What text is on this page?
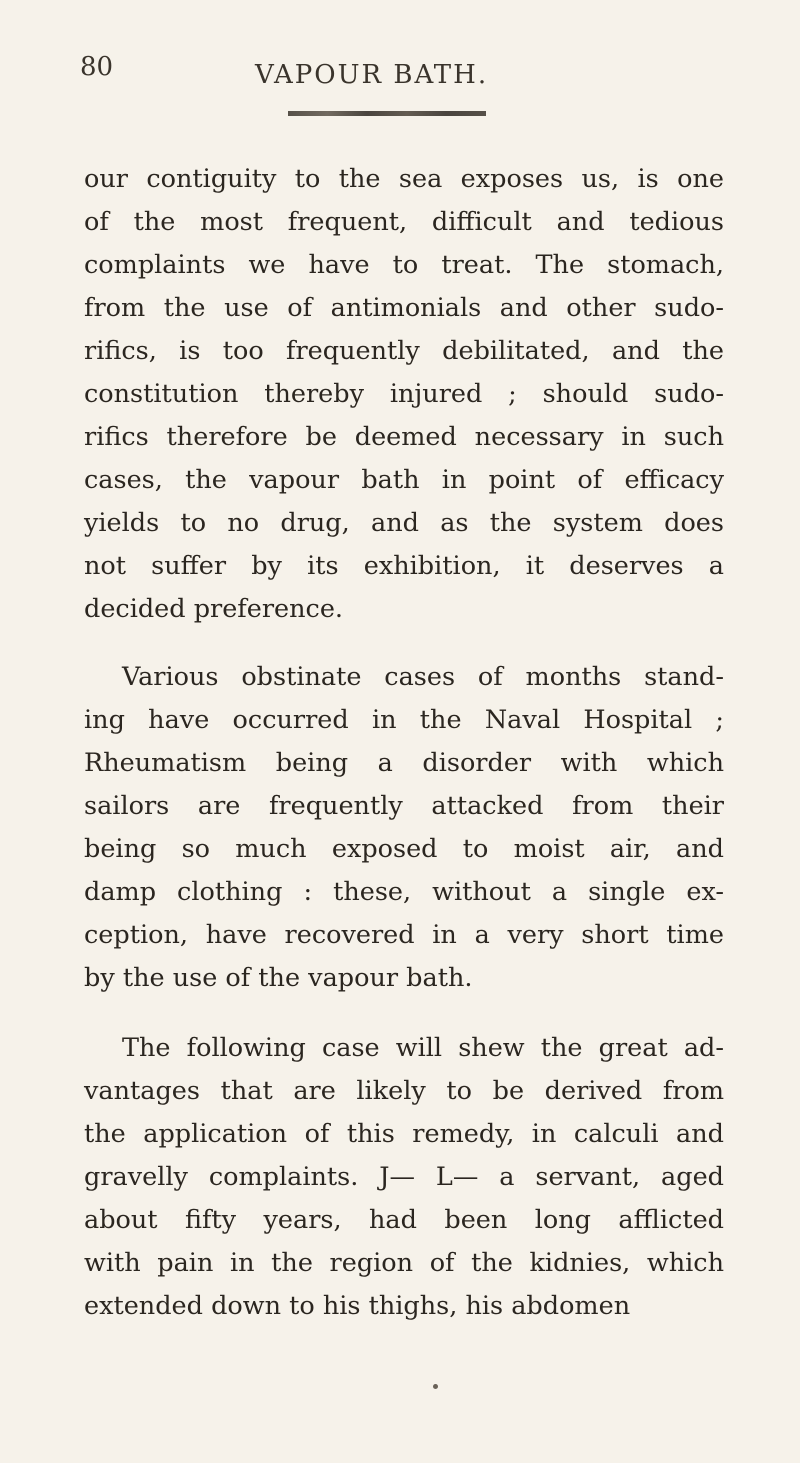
80	VAPOUR BATH.

our contiguity to the sea exposes us, is one
of the most frequent, difficult and tedious
complaints we have to treat. The stomach,
from the use of antimonials and other sudo-
rifics, is too frequently debilitated, and the
constitution thereby injured ; should sudo-
rifics therefore be deemed necessary in such
cases, the vapour bath in point of efficacy
yields to no drug, and as the system does
not suffer by its exhibition, it deserves a
decided preference.

Various obstinate cases of months stand-
ing have occurred in the Naval Hospital ;
Rheumatism being a disorder with which
sailors are frequently attacked from their
being so much exposed to moist air, and
damp clothing : these, without a single ex-
ception, have recovered in a very short time
by the use of the vapour bath.

The following case will shew the great ad-
vantages that are likely to be derived from
the application of this remedy, in calculi and
gravelly complaints. J— L— a servant, aged
about fifty years, had been long afflicted
with pain in the region of the kidnies, which
extended down to his thighs, his abdomen
